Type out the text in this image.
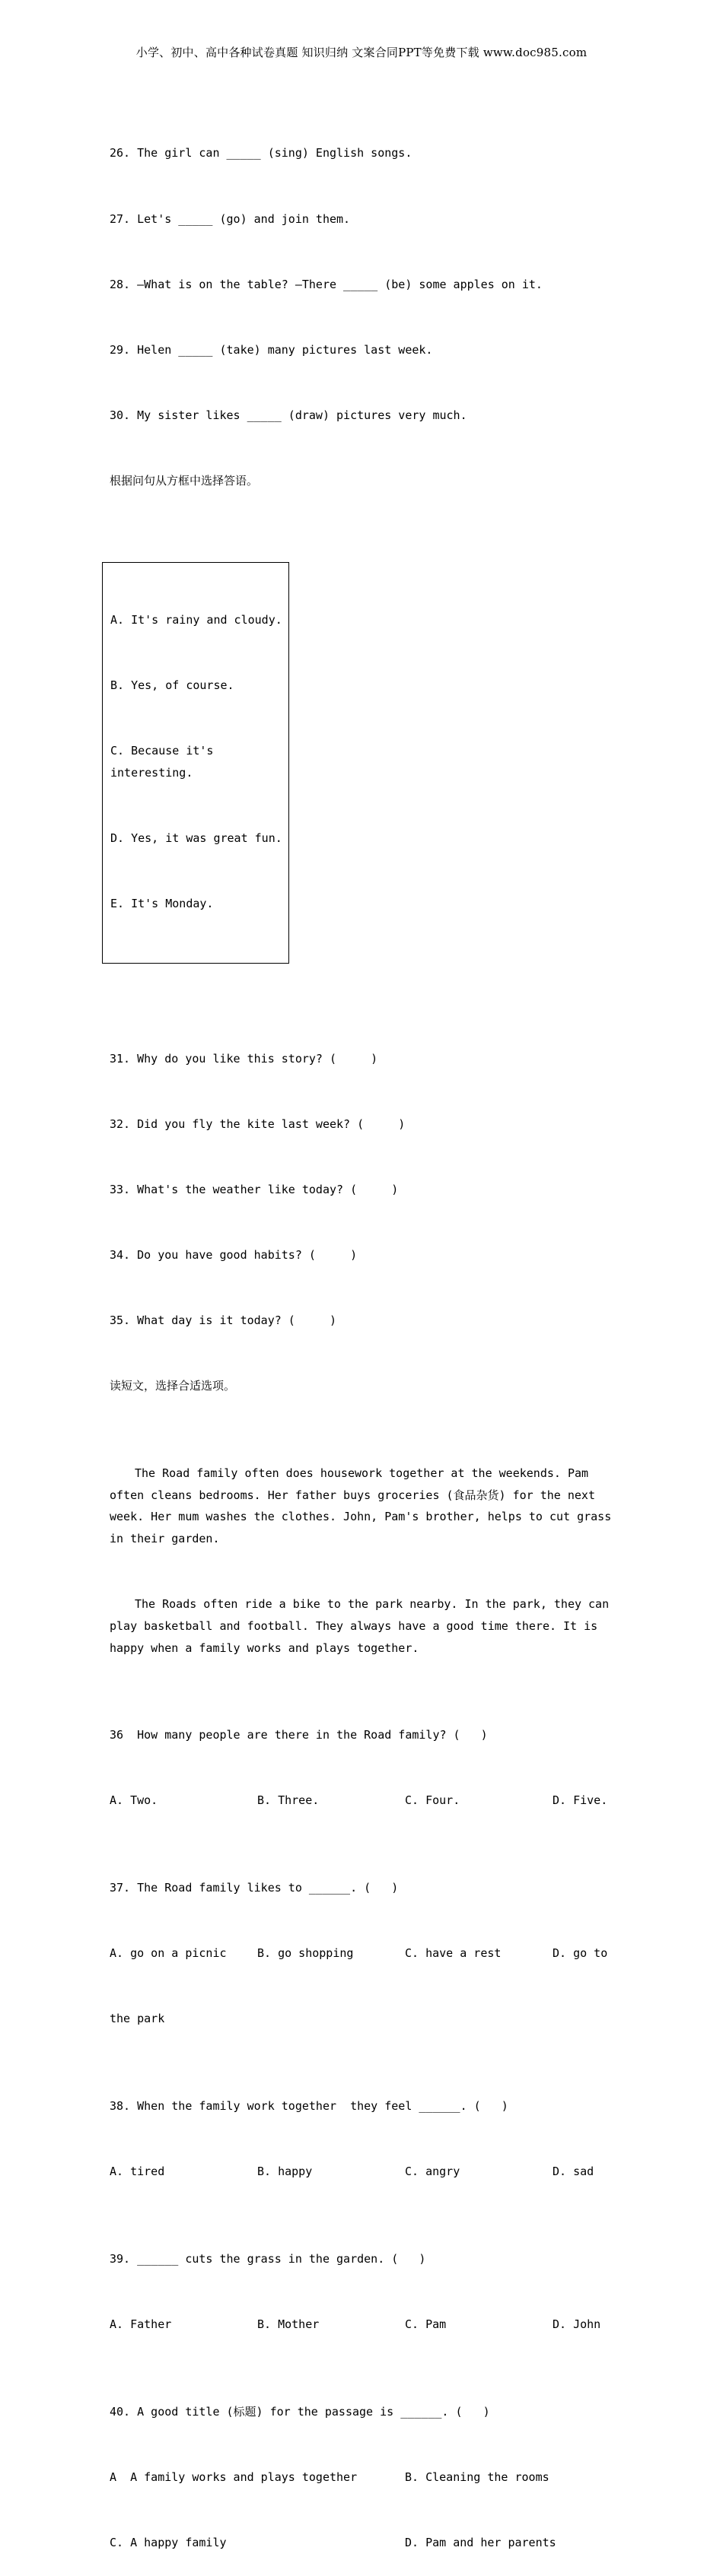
小学、初中、高中各种试卷真题 知识归纳 文案合同PPT等免费下载 www.doc985.com

26. The girl can _____ (sing) English songs.

27. Let's _____ (go) and join them.

28. —What is on the table? —There _____ (be) some apples on it.

29. Helen _____ (take) many pictures last week.

30. My sister likes _____ (draw) pictures very much.

根据问句从方框中选择答语。

A. It's rainy and cloudy.

B. Yes, of course.

C. Because it's interesting.

D. Yes, it was great fun.

E. It's Monday.

31. Why do you like this story? (     )

32. Did you fly the kite last week? (     )

33. What's the weather like today? (     )

34. Do you have good habits? (     )

35. What day is it today? (     )

读短文，选择合适选项。

The Road family often does housework together at the weekends. Pam often cleans bedrooms. Her father buys groceries (食品杂货) for the next week. Her mum washes the clothes. John, Pam's brother, helps to cut grass in their garden.

The Roads often ride a bike to the park nearby. In the park, they can play basketball and football. They always have a good time there. It is happy when a family works and plays together.

36  How many people are there in the Road family? (   )

A. Two.	B. Three.	C. Four.	D. Five.

37. The Road family likes to ______. (   )

A. go on a picnic	B. go shopping	C. have a rest	D. go to

the park

38. When the family work together  they feel ______. (   )

A. tired	B. happy	C. angry	D. sad

39. ______ cuts the grass in the garden. (   )

A. Father	B. Mother	C. Pam	D. John

40. A good title (标题) for the passage is ______. (   )

A  A family works and plays together	B. Cleaning the rooms

C. A happy family	D. Pam and her parents
